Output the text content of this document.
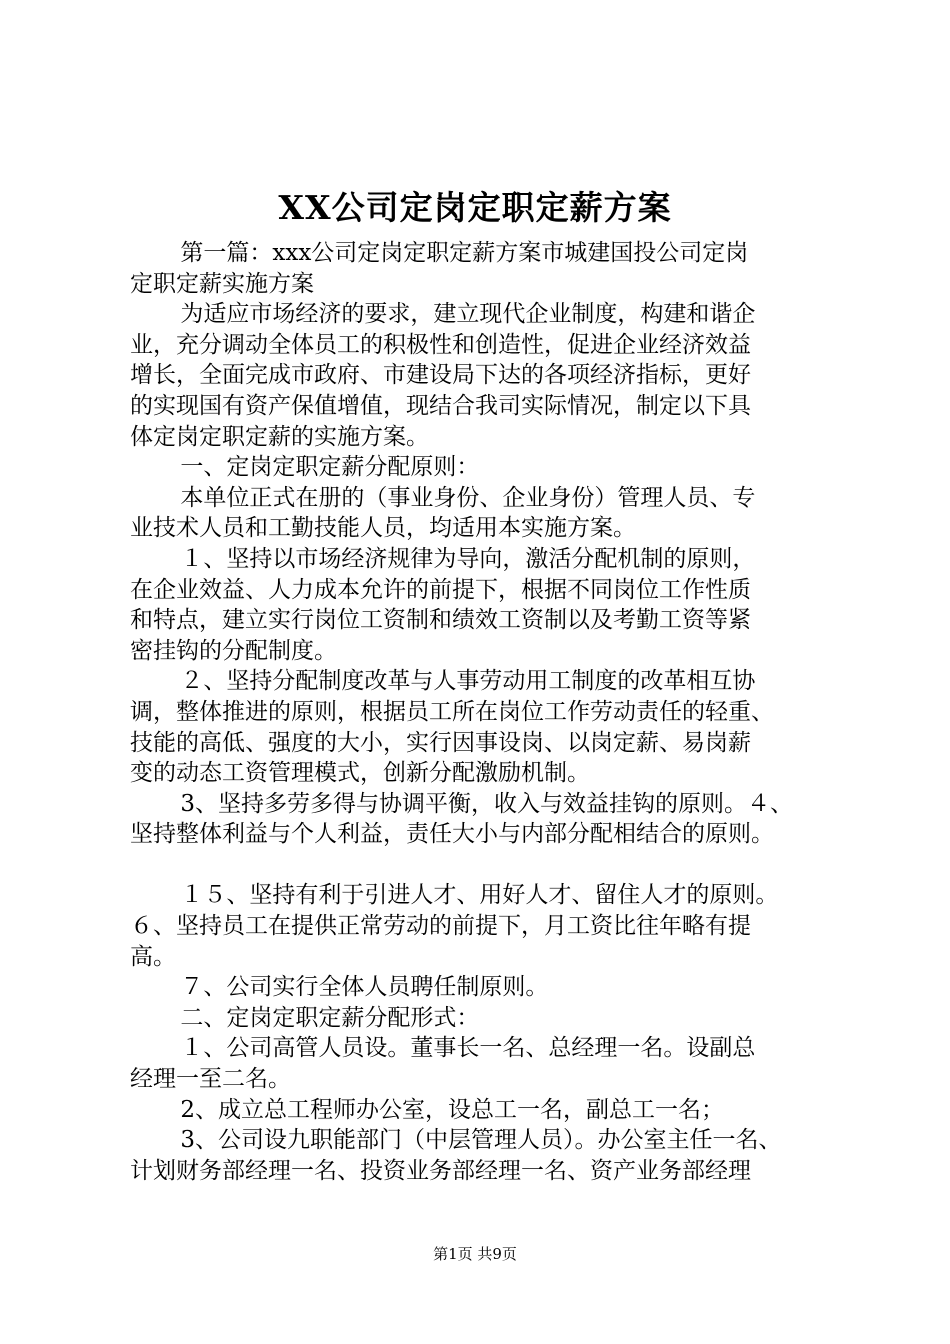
XX公司定岗定职定薪方案
第一篇：xxx公司定岗定职定薪方案市城建国投公司定岗
定职定薪实施方案
为适应市场经济的要求，建立现代企业制度，构建和谐企
业，充分调动全体员工的积极性和创造性，促进企业经济效益
增长，全面完成市政府、市建设局下达的各项经济指标，更好
的实现国有资产保值增值，现结合我司实际情况，制定以下具
体定岗定职定薪的实施方案。
一、定岗定职定薪分配原则：
本单位正式在册的（事业身份、企业身份）管理人员、专
业技术人员和工勤技能人员，均适用本实施方案。
１、坚持以市场经济规律为导向，激活分配机制的原则，
在企业效益、人力成本允许的前提下，根据不同岗位工作性质
和特点，建立实行岗位工资制和绩效工资制以及考勤工资等紧
密挂钩的分配制度。
２、坚持分配制度改革与人事劳动用工制度的改革相互协
调，整体推进的原则，根据员工所在岗位工作劳动责任的轻重、
技能的高低、强度的大小，实行因事设岗、以岗定薪、易岗薪
变的动态工资管理模式，创新分配激励机制。
3、坚持多劳多得与协调平衡，收入与效益挂钩的原则。４、
坚持整体利益与个人利益，责任大小与内部分配相结合的原则。
１５、坚持有利于引进人才、用好人才、留住人才的原则。
６、坚持员工在提供正常劳动的前提下，月工资比往年略有提
高。
７、公司实行全体人员聘任制原则。
二、定岗定职定薪分配形式：
１、公司高管人员设。董事长一名、总经理一名。设副总
经理一至二名。
2、成立总工程师办公室，设总工一名，副总工一名；
3、公司设九职能部门（中层管理人员）。办公室主任一名、
计划财务部经理一名、投资业务部经理一名、资产业务部经理
第1页 共9页
